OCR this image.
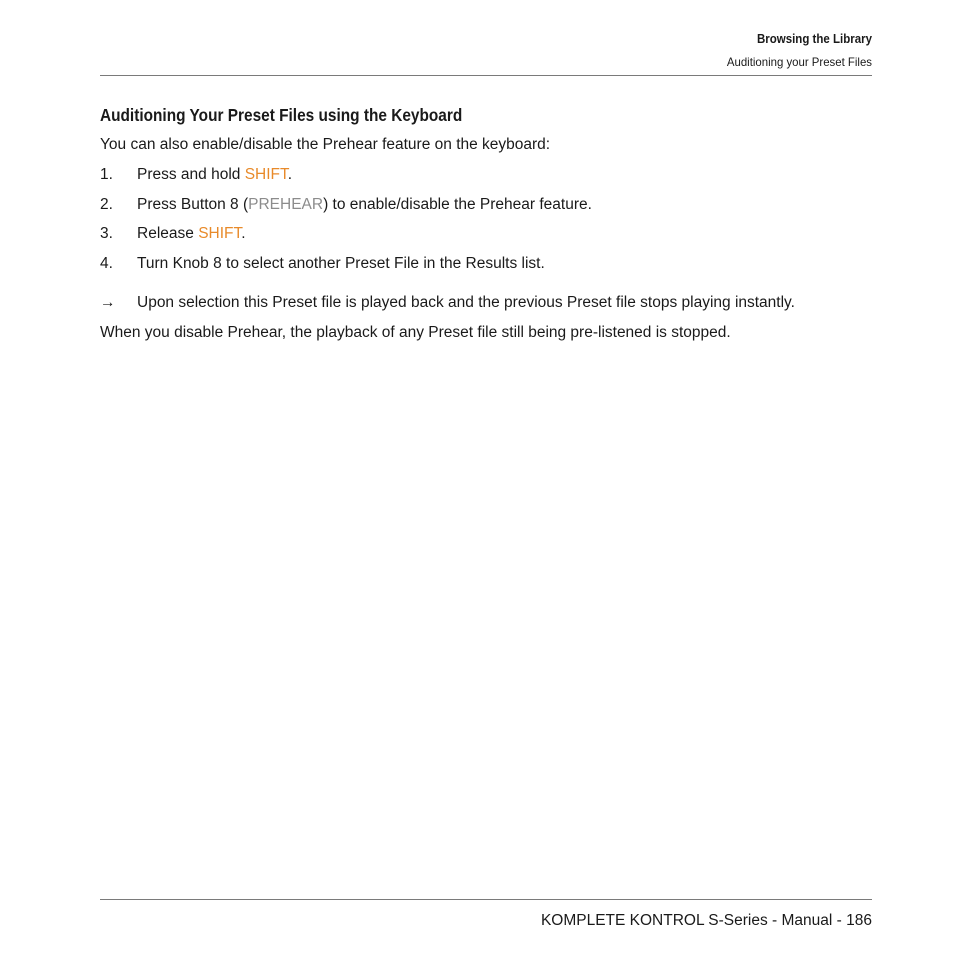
Browsing the Library
Auditioning your Preset Files
Auditioning Your Preset Files using the Keyboard

You can also enable/disable the Prehear feature on the keyboard:

1.	Press and hold SHIFT.
2.	Press Button 8 (PREHEAR) to enable/disable the Prehear feature.
3.	Release SHIFT.
4.	Turn Knob 8 to select another Preset File in the Results list.
→	Upon selection this Preset file is played back and the previous Preset file stops playing instantly.

When you disable Prehear, the playback of any Preset file still being pre-listened is stopped.

KOMPLETE KONTROL S-Series - Manual - 186
